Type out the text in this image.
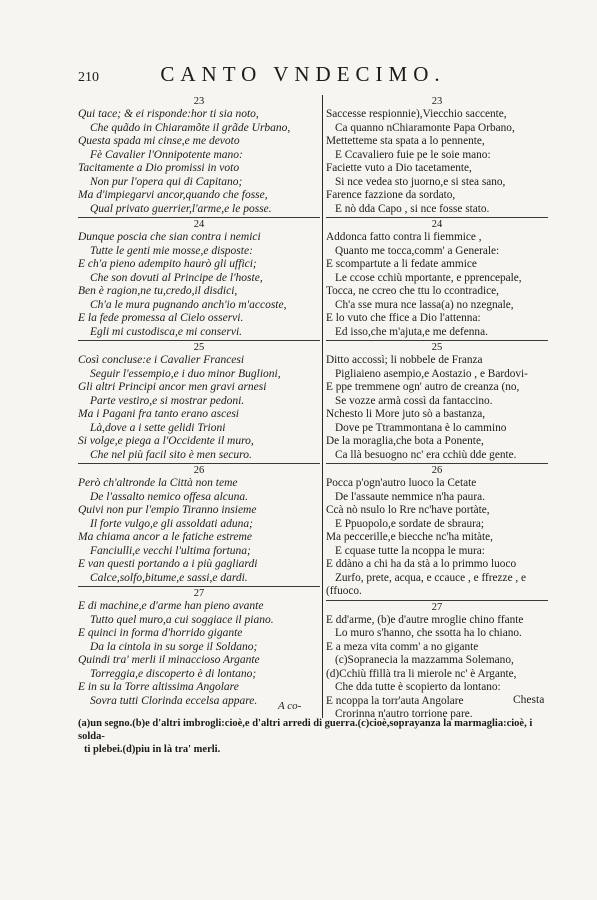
210	CANTO VNDECIMO.
23
Qui tace; & ei risponde:hor ti sia noto,
Che quãdo in Chiaramõte il grãde Urbano,
Questa spada mi cinse,e me devoto
Fè Cavalier l'Onnipotente mano:
Tacitamente a Dio promissi in voto
Non pur l'opera qui di Capitano;
Ma d'impiegarvi ancor,quando che fosse,
Qual privato guerrier,l'arme,e le posse.
24
Dunque poscia che sian contra i nemici
Tutte le genti mie mosse,e disposte:
E ch'a pieno adempito haurò gli uffici;
Che son dovuti al Principe de l'hoste,
Ben è ragion,ne tu,credo,il disdici,
Ch'a le mura pugnando anch'io m'accoste,
E la fede promessa al Cielo osservi.
Egli mi custodisca,e mi conservi.
25
Così concluse:e i Cavalier Francesi
Seguir l'essempio,e i duo minor Buglioni,
Gli altri Principi ancor men gravi arnesi
Parte vestiro,e si mostrar pedoni.
Ma i Pagani fra tanto erano ascesi
Là,dove a i sette gelidi Trioni
Si volge,e piega a l'Occidente il muro,
Che nel più facil sito è men securo.
26
Però ch'altronde la Città non teme
De l'assalto nemico offesa alcuna.
Quivi non pur l'empio Tiranno insieme
Il forte vulgo,e gli assoldati aduna;
Ma chiama ancor a le fatiche estreme
Fanciulli,e vecchi l'ultima fortuna;
E van questi portando a i più gagliardi
Calce,solfo,bitume,e sassi,e dardi.
27
E di machine,e d'arme han pieno avante
Tutto quel muro,a cui soggiace il piano.
E quinci in forma d'horrido gigante
Da la cintola in su sorge il Soldano;
Quindi tra' merli il minaccioso Argante
Torreggia,e discoperto è di lontano;
E in su la Torre altissima Angolare
Sovra tutti Clorinda eccelsa appare.
23
Saccesse respionnie),Viecchio saccente,
Ca quanno nChiaramonte Papa Orbano,
Mettetteme sta spata a lo pennente,
E Ccavaliero fuie pe le soie mano:
Faciette vuto a Dio tacetamente,
Si nce vedea sto juorno,e si stea sano,
Farence fazzione da sordato,
E nò dda Capo , si nce fosse stato.
24
Addonca fatto contra li fiemmice ,
Quanto me tocca,comm' a Generale:
E scompartute a li fedate ammice
Le ccose cchiù mportante, e pprencepale,
Tocca, ne ccreo che ttu lo ccontradice,
Ch'a sse mura nce lassa(a) no nzegnale,
E lo vuto che ffice a Dio l'attenna:
Ed isso,che m'ajuta,e me defenna.
25
Ditto accossì; li nobbele de Franza
Pigliaieno asempio,e Aostazio , e Bardovi-
E ppe tremmene ogn' autro de creanza (no,
Se vozze armà cossì da fantaccino.
Nchesto li More juto sò a bastanza,
Dove pe Ttrammontana è lo cammino
De la moraglia,che bota a Ponente,
Ca llà besuogno nc' era cchiù dde gente.
26
Pocca p'ogn'autro luoco la Cetate
De l'assaute nemmice n'ha paura.
Ccà nò nsulo lo Rre nc'have portàte,
E Ppuopolo,e sordate de sbraura;
Ma peccerille,e biecche nc'ha mitàte,
E cquase tutte la ncoppa le mura:
E ddàno a chi ha da stà a lo primmo luoco
Zurfo, prete, acqua, e ccauce , e ffrezze , e
(ffuoco.
27
E dd'arme, (b)e d'autre mroglie chino ffante
Lo muro s'hanno, che ssotta ha lo chiano.
E a meza vita comm' a no gigante
(c)Sopranecia la mazzamma Solemano,
(d)Cchiù ffillà tra li mierole nc' è Argante,
Che dda tutte è scopierto da lontano:
E ncoppa la torr'auta Angolare
Crorinna n'autro torrione pare.
A co-	Chesta
(a)un segno.(b)e d'altri imbrogli:cioè,e d'altri arredi di guerra.(c)cioè,soprayanza la marmaglia:cioè, i solda-
ti plebei.(d)piu in là tra' merli.
